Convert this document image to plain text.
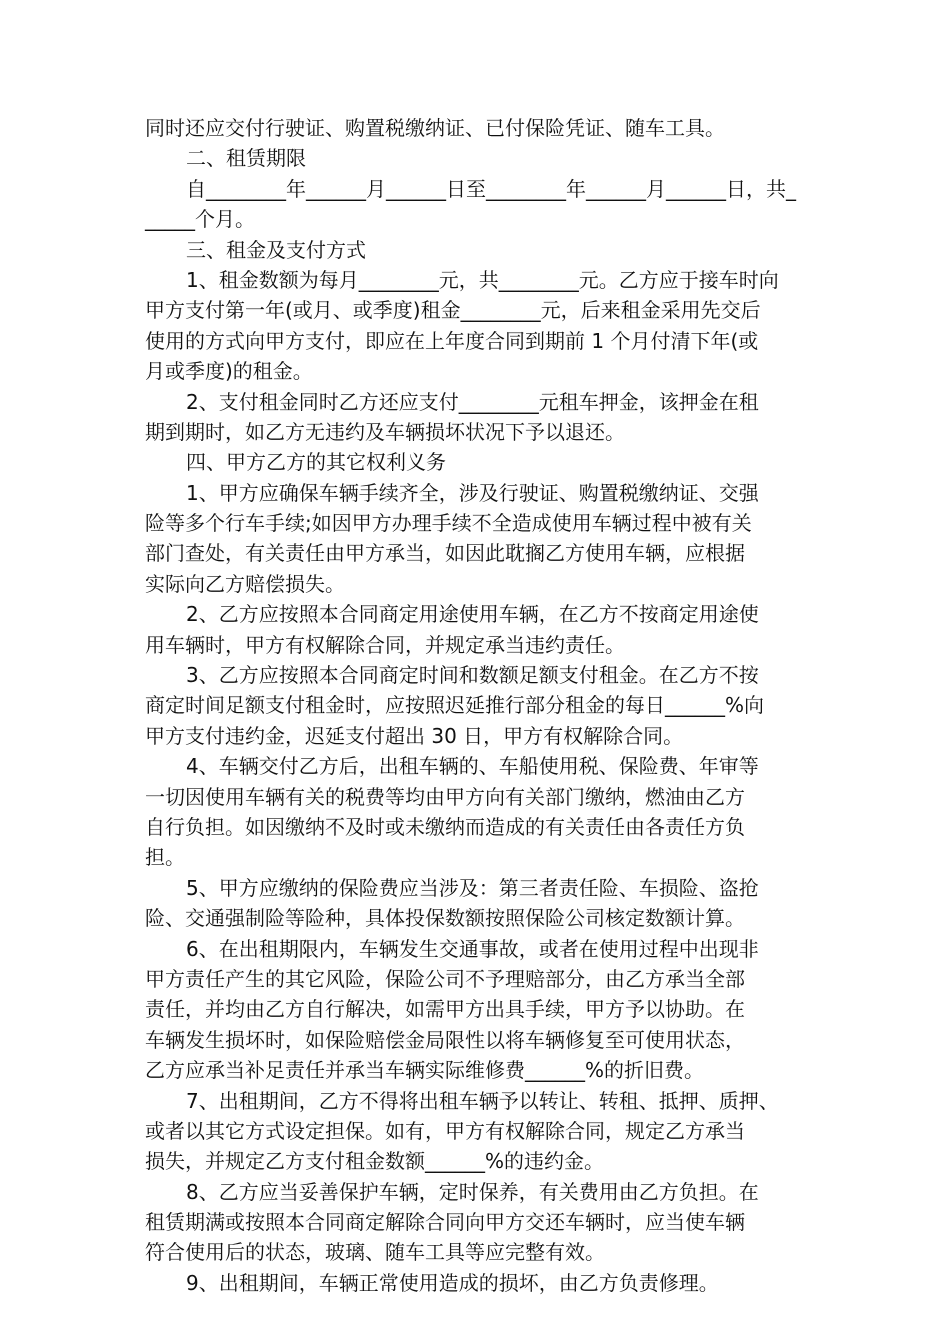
同时还应交付行驶证、购置税缴纳证、已付保险凭证、随车工具。
二、租赁期限
自________年______月______日至________年______月______日，共_
_____个月。
三、租金及支付方式
1、租金数额为每月________元，共________元。乙方应于接车时向
甲方支付第一年(或月、或季度)租金________元，后来租金采用先交后
使用的方式向甲方支付，即应在上年度合同到期前 1 个月付清下年(或
月或季度)的租金。
2、支付租金同时乙方还应支付________元租车押金，该押金在租
期到期时，如乙方无违约及车辆损坏状况下予以退还。
四、甲方乙方的其它权利义务
1、甲方应确保车辆手续齐全，涉及行驶证、购置税缴纳证、交强
险等多个行车手续;如因甲方办理手续不全造成使用车辆过程中被有关
部门查处，有关责任由甲方承当，如因此耽搁乙方使用车辆，应根据
实际向乙方赔偿损失。
2、乙方应按照本合同商定用途使用车辆，在乙方不按商定用途使
用车辆时，甲方有权解除合同，并规定承当违约责任。
3、乙方应按照本合同商定时间和数额足额支付租金。在乙方不按
商定时间足额支付租金时，应按照迟延推行部分租金的每日______%向
甲方支付违约金，迟延支付超出 30 日，甲方有权解除合同。
4、车辆交付乙方后，出租车辆的、车船使用税、保险费、年审等
一切因使用车辆有关的税费等均由甲方向有关部门缴纳，燃油由乙方
自行负担。如因缴纳不及时或未缴纳而造成的有关责任由各责任方负
担。
5、甲方应缴纳的保险费应当涉及：第三者责任险、车损险、盗抢
险、交通强制险等险种，具体投保数额按照保险公司核定数额计算。
6、在出租期限内，车辆发生交通事故，或者在使用过程中出现非
甲方责任产生的其它风险，保险公司不予理赔部分，由乙方承当全部
责任，并均由乙方自行解决，如需甲方出具手续，甲方予以协助。在
车辆发生损坏时，如保险赔偿金局限性以将车辆修复至可使用状态，
乙方应承当补足责任并承当车辆实际维修费______%的折旧费。
7、出租期间，乙方不得将出租车辆予以转让、转租、抵押、质押、
或者以其它方式设定担保。如有，甲方有权解除合同，规定乙方承当
损失，并规定乙方支付租金数额______%的违约金。
8、乙方应当妥善保护车辆，定时保养，有关费用由乙方负担。在
租赁期满或按照本合同商定解除合同向甲方交还车辆时，应当使车辆
符合使用后的状态，玻璃、随车工具等应完整有效。
9、出租期间，车辆正常使用造成的损坏，由乙方负责修理。
